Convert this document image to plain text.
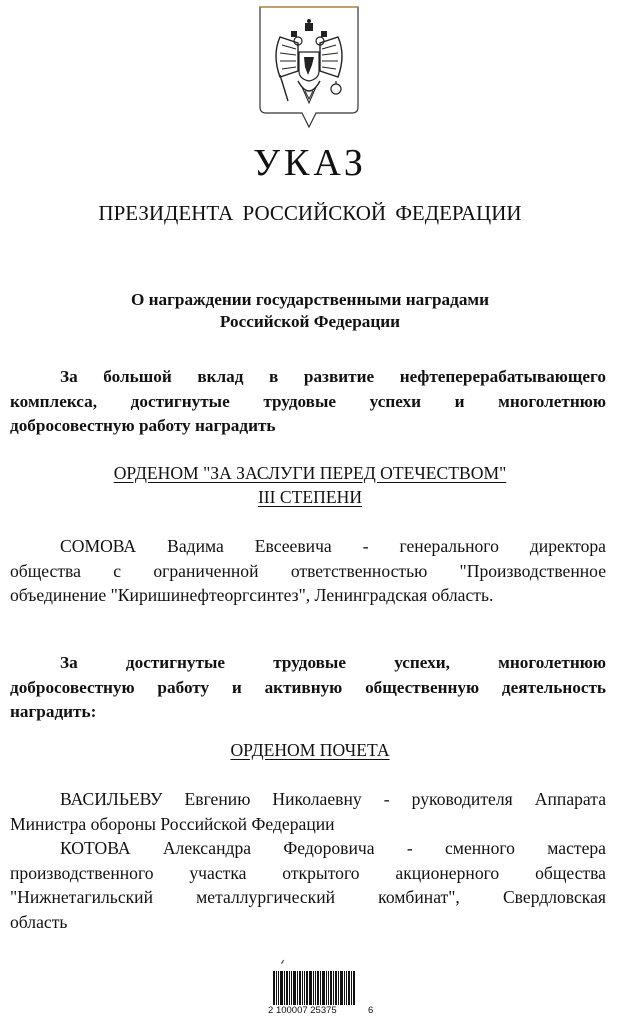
УКАЗ
ПРЕЗИДЕНТА РОССИЙСКОЙ ФЕДЕРАЦИИ
О награждении государственными наградами
Российской Федерации
За большой вклад в развитие нефтеперерабатывающего
комплекса, достигнутые трудовые успехи и многолетнюю
добросовестную работу наградить
ОРДЕНОМ "ЗА ЗАСЛУГИ ПЕРЕД ОТЕЧЕСТВОМ"
III СТЕПЕНИ
СОМОВА Вадима Евсеевича - генерального директора
общества с ограниченной ответственностью "Производственное
объединение "Киришинефтеоргсинтез", Ленинградская область.
За достигнутые трудовые успехи, многолетнюю
добросовестную работу и активную общественную деятельность
наградить:
ОРДЕНОМ ПОЧЕТА
ВАСИЛЬЕВУ Евгению Николаевну - руководителя Аппарата
Министра обороны Российской Федерации
КОТОВА Александра Федоровича - сменного мастера
производственного участка открытого акционерного общества
"Нижнетагильский металлургический комбинат", Свердловская
область
⸙
2 100007 25375	6
